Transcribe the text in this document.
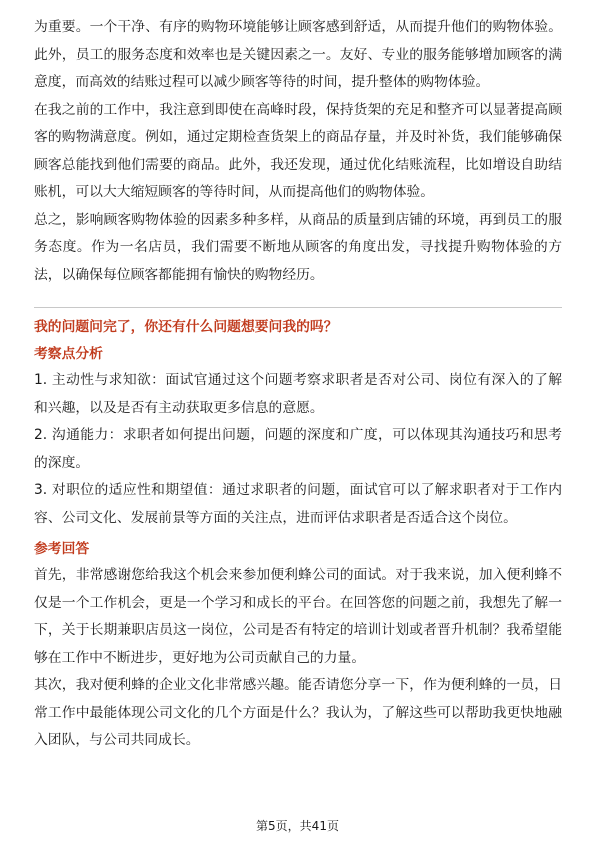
为重要。一个干净、有序的购物环境能够让顾客感到舒适，从而提升他们的购物体验。此外，员工的服务态度和效率也是关键因素之一。友好、专业的服务能够增加顾客的满意度，而高效的结账过程可以减少顾客等待的时间，提升整体的购物体验。

在我之前的工作中，我注意到即使在高峰时段，保持货架的充足和整齐可以显著提高顾客的购物满意度。例如，通过定期检查货架上的商品存量，并及时补货，我们能够确保顾客总能找到他们需要的商品。此外，我还发现，通过优化结账流程，比如增设自助结账机，可以大大缩短顾客的等待时间，从而提高他们的购物体验。

总之，影响顾客购物体验的因素多种多样，从商品的质量到店铺的环境，再到员工的服务态度。作为一名店员，我们需要不断地从顾客的角度出发，寻找提升购物体验的方法，以确保每位顾客都能拥有愉快的购物经历。

我的问题问完了，你还有什么问题想要问我的吗？

考察点分析

1. 主动性与求知欲：面试官通过这个问题考察求职者是否对公司、岗位有深入的了解和兴趣，以及是否有主动获取更多信息的意愿。

2. 沟通能力：求职者如何提出问题，问题的深度和广度，可以体现其沟通技巧和思考的深度。

3. 对职位的适应性和期望值：通过求职者的问题，面试官可以了解求职者对于工作内容、公司文化、发展前景等方面的关注点，进而评估求职者是否适合这个岗位。

参考回答

首先，非常感谢您给我这个机会来参加便利蜂公司的面试。对于我来说，加入便利蜂不仅是一个工作机会，更是一个学习和成长的平台。在回答您的问题之前，我想先了解一下，关于长期兼职店员这一岗位，公司是否有特定的培训计划或者晋升机制？我希望能够在工作中不断进步，更好地为公司贡献自己的力量。

其次，我对便利蜂的企业文化非常感兴趣。能否请您分享一下，作为便利蜂的一员，日常工作中最能体现公司文化的几个方面是什么？我认为，了解这些可以帮助我更快地融入团队，与公司共同成长。

第5页，共41页
